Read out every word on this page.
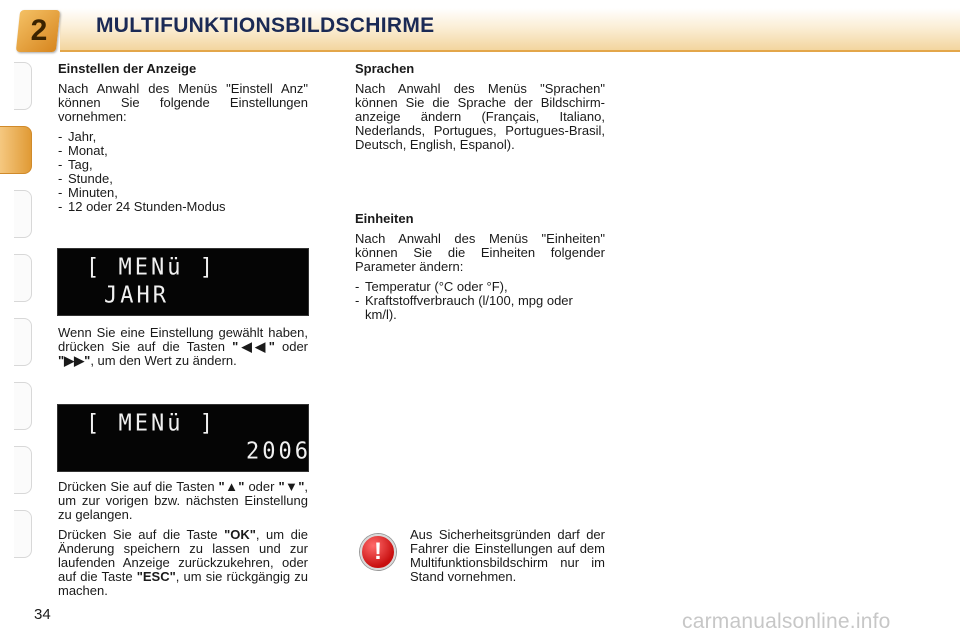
2	MULTIFUNKTIONSBILDSCHIRME
Einstellen der Anzeige

Nach Anwahl des Menüs "Einstell Anz" können Sie folgende Einstellungen vornehmen:

- Jahr,
- Monat,
- Tag,
- Stunde,
- Minuten,
- 12 oder 24 Stunden-Modus
[ MENü ]
JAHR

Wenn Sie eine Einstellung gewählt haben, drücken Sie auf die Tasten "◀◀" oder "▶▶", um den Wert zu ändern.

[ MENü ]
2006

Drücken Sie auf die Tasten "▲" oder "▼", um zur vorigen bzw. nächsten Einstellung zu gelangen.

Drücken Sie auf die Taste "OK", um die Änderung speichern zu lassen und zur laufenden Anzeige zurückzukehren, oder auf die Taste "ESC", um sie rückgängig zu machen.

Sprachen

Nach Anwahl des Menüs "Sprachen" können Sie die Sprache der Bildschirmanzeige ändern (Français, Italiano, Nederlands, Portugues, Portugues-Brasil, Deutsch, English, Espanol).

Einheiten

Nach Anwahl des Menüs "Einheiten" können Sie die Einheiten folgender Parameter ändern:

- Temperatur (°C oder °F),
- Kraftstoffverbrauch (l/100, mpg oder km/l).
!

Aus Sicherheitsgründen darf der Fahrer die Einstellungen auf dem Multifunktionsbildschirm nur im Stand vornehmen.

34	carmanualsonline.info
